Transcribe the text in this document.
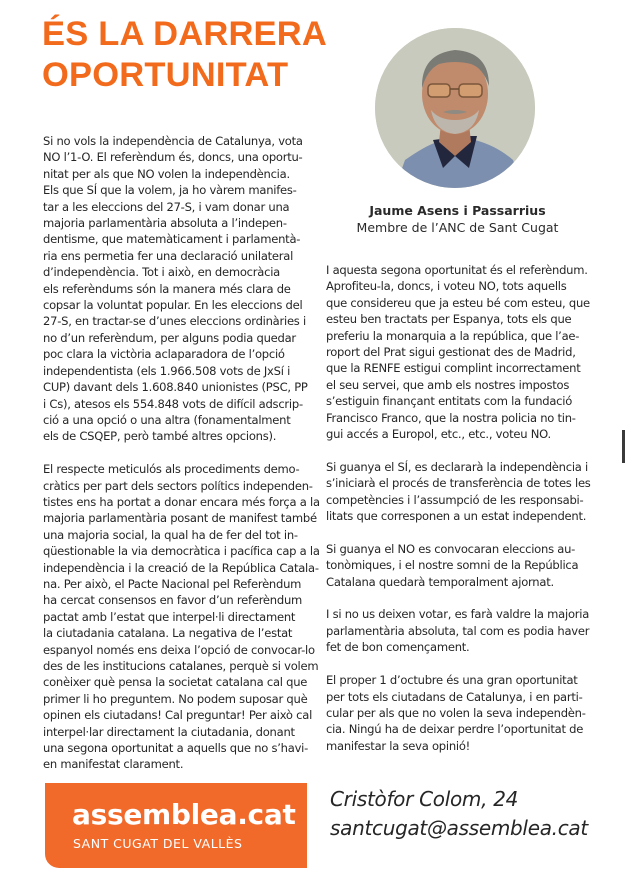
ÉS LA DARRERA
OPORTUNITAT
Jaume Asens i Passarrius
Membre de l’ANC de Sant Cugat

Si no vols la independència de Catalunya, vota
NO l’1-O. El referèndum és, doncs, una oportu-
nitat per als que NO volen la independència.
Els que SÍ que la volem, ja ho vàrem manifes-
tar a les eleccions del 27-S, i vam donar una
majoria parlamentària absoluta a l’indepen-
dentisme, que matemàticament i parlamentà-
ria ens permetia fer una declaració unilateral
d’independència. Tot i això, en democràcia
els referèndums són la manera més clara de
copsar la voluntat popular. En les eleccions del
27-S, en tractar-se d’unes eleccions ordinàries i
no d’un referèndum, per alguns podia quedar
poc clara la victòria aclaparadora de l’opció
independentista (els 1.966.508 vots de JxSí i
CUP) davant dels 1.608.840 unionistes (PSC, PP
i Cs), atesos els 554.848 vots de difícil adscrip-
ció a una opció o una altra (fonamentalment
els de CSQEP, però també altres opcions).

El respecte meticulós als procediments demo-
cràtics per part dels sectors polítics independen-
tistes ens ha portat a donar encara més força a la
majoria parlamentària posant de manifest també
una majoria social, la qual ha de fer del tot in-
qüestionable la via democràtica i pacífica cap a la
independència i la creació de la República Catala-
na. Per això, el Pacte Nacional pel Referèndum
ha cercat consensos en favor d’un referèndum
pactat amb l’estat que interpel·li directament
la ciutadania catalana. La negativa de l’estat
espanyol només ens deixa l’opció de convocar-lo
des de les institucions catalanes, perquè si volem
conèixer què pensa la societat catalana cal que
primer li ho preguntem. No podem suposar què
opinen els ciutadans! Cal preguntar! Per això cal
interpel·lar directament la ciutadania, donant
una segona oportunitat a aquells que no s’havi-
en manifestat clarament.

I aquesta segona oportunitat és el referèndum.
Aprofiteu-la, doncs, i voteu NO, tots aquells
que considereu que ja esteu bé com esteu, que
esteu ben tractats per Espanya, tots els que
preferiu la monarquia a la república, que l’ae-
roport del Prat sigui gestionat des de Madrid,
que la RENFE estigui complint incorrectament
el seu servei, que amb els nostres impostos
s’estiguin finançant entitats com la fundació
Francisco Franco, que la nostra policia no tin-
gui accés a Europol, etc., etc., voteu NO.

Si guanya el SÍ, es declararà la independència i
s’iniciarà el procés de transferència de totes les
competències i l’assumpció de les responsabi-
litats que corresponen a un estat independent.

Si guanya el NO es convocaran eleccions au-
tonòmiques, i el nostre somni de la República
Catalana quedarà temporalment ajornat.

I si no us deixen votar, es farà valdre la majoria
parlamentària absoluta, tal com es podia haver
fet de bon començament.

El proper 1 d’octubre és una gran oportunitat
per tots els ciutadans de Catalunya, i en parti-
cular per als que no volen la seva independèn-
cia. Ningú ha de deixar perdre l’oportunitat de
manifestar la seva opinió!

assemblea.cat
SANT CUGAT DEL VALLÈS
Cristòfor Colom, 24
santcugat@assemblea.cat
